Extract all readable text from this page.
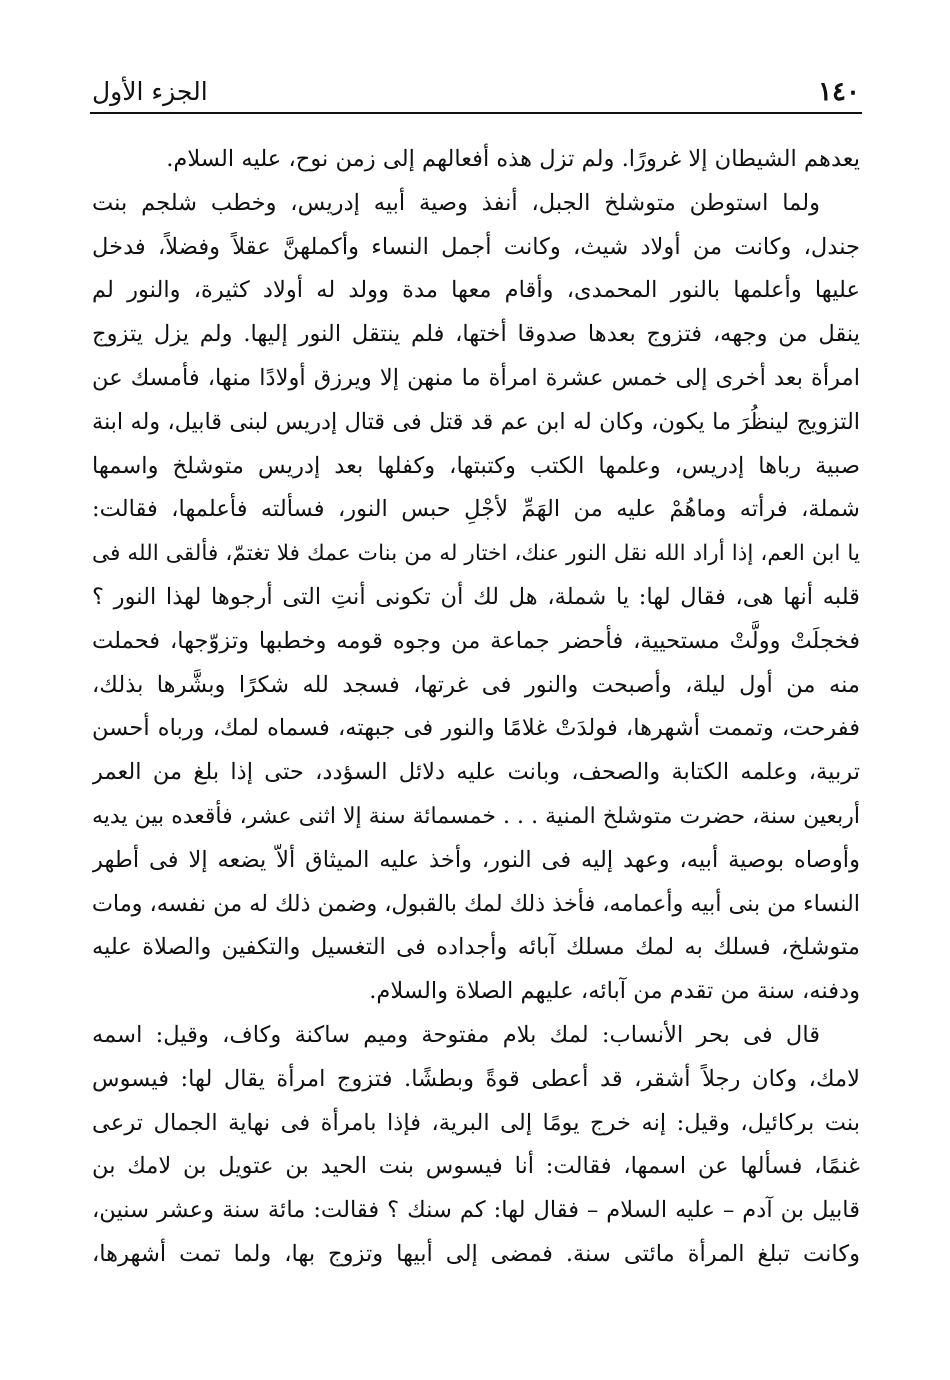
١٤٠
الجزء الأول
يعدهم الشيطان إلا غرورًا. ولم تزل هذه أفعالهم إلى زمن نوح، عليه السلام.
ولما استوطن متوشلخ الجبل، أنفذ وصية أبيه إدريس، وخطب شلجم بنت
جندل، وكانت من أولاد شيث، وكانت أجمل النساء وأكملهنَّ عقلاً وفضلاً، فدخل
عليها وأعلمها بالنور المحمدى، وأقام معها مدة وولد له أولاد كثيرة، والنور لم
ينقل من وجهه، فتزوج بعدها صدوقا أختها، فلم ينتقل النور إليها. ولم يزل يتزوج
امرأة بعد أخرى إلى خمس عشرة امرأة ما منهن إلا ويرزق أولادًا منها، فأمسك عن
التزويج لينظُرَ ما يكون، وكان له ابن عم قد قتل فى قتال إدريس لبنى قابيل، وله ابنة
صبية رباها إدريس، وعلمها الكتب وكتبتها، وكفلها بعد إدريس متوشلخ واسمها
شملة، فرأته وماهُمْ عليه من الهَمِّ لأجْلِ حبس النور، فسألته فأعلمها، فقالت:
يا ابن العم، إذا أراد الله نقل النور عنك، اختار له من بنات عمك فلا تغتمّ، فألقى الله فى
قلبه أنها هى، فقال لها: يا شملة، هل لك أن تكونى أنتِ التى أرجوها لهذا النور ؟
فخجلَتْ وولَّتْ مستحيية، فأحضر جماعة من وجوه قومه وخطبها وتزوّجها، فحملت
منه من أول ليلة، وأصبحت والنور فى غرتها، فسجد لله شكرًا وبشَّرها بذلك،
ففرحت، وتممت أشهرها، فولدَتْ غلامًا والنور فى جبهته، فسماه لمك، ورباه أحسن
تربية، وعلمه الكتابة والصحف، وبانت عليه دلائل السؤدد، حتى إذا بلغ من العمر
أربعين سنة، حضرت متوشلخ المنية . . . خمسمائة سنة إلا اثنى عشر، فأقعده بين يديه
وأوصاه بوصية أبيه، وعهد إليه فى النور، وأخذ عليه الميثاق ألاّ يضعه إلا فى أطهر
النساء من بنى أبيه وأعمامه، فأخذ ذلك لمك بالقبول، وضمن ذلك له من نفسه، ومات
متوشلخ، فسلك به لمك مسلك آبائه وأجداده فى التغسيل والتكفين والصلاة عليه
ودفنه، سنة من تقدم من آبائه، عليهم الصلاة والسلام.
قال فى بحر الأنساب: لمك بلام مفتوحة وميم ساكنة وكاف، وقيل: اسمه
لامك، وكان رجلاً أشقر، قد أعطى قوةً وبطشًا. فتزوج امرأة يقال لها: فيسوس
بنت بركائيل، وقيل: إنه خرج يومًا إلى البرية، فإذا بامرأة فى نهاية الجمال ترعى
غنمًا، فسألها عن اسمها، فقالت: أنا فيسوس بنت الحيد بن عتويل بن لامك بن
قابيل بن آدم – عليه السلام – فقال لها: كم سنك ؟ فقالت: مائة سنة وعشر سنين،
وكانت تبلغ المرأة مائتى سنة. فمضى إلى أبيها وتزوج بها، ولما تمت أشهرها،
